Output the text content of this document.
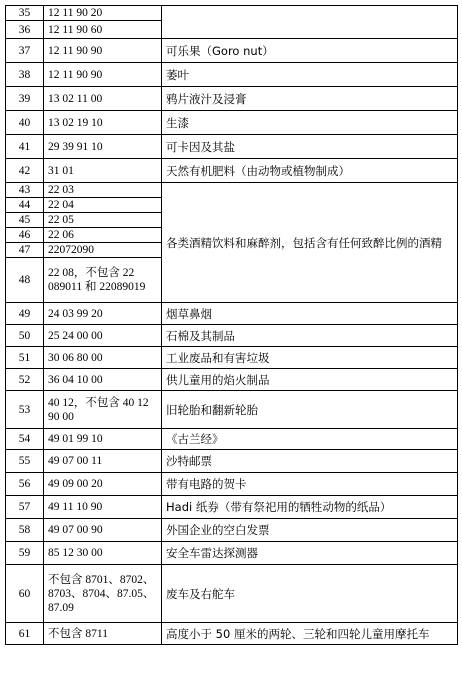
35	12 11 90 20	
36	12 11 90 60	
37	12 11 90 90	可乐果（Goro nut）
38	12 11 90 90	萎叶
39	13 02 11 00	鸦片液汁及浸膏
40	13 02 19 10	生漆
41	29 39 91 10	可卡因及其盐
42	31 01	天然有机肥料（由动物或植物制成）
43	22 03	各类酒精饮料和麻醉剂，包括含有任何致醉比例的酒精
44	22 04	
45	22 05	
46	22 06	
47	22072090	
48	22 08，不包含 22 089011 和 22089019	
49	24 03 99 20	烟草鼻烟
50	25 24 00 00	石棉及其制品
51	30 06 80 00	工业废品和有害垃圾
52	36 04 10 00	供儿童用的焰火制品
53	40 12，不包含 40 12 90 00	旧轮胎和翻新轮胎
54	49 01 99 10	《古兰经》
55	49 07 00 11	沙特邮票
56	49 09 00 20	带有电路的贺卡
57	49 11 10 90	Hadi 纸券（带有祭祀用的牺牲动物的纸品）
58	49 07 00 90	外国企业的空白发票
59	85 12 30 00	安全车雷达探测器
60	不包含 8701、8702、8703、8704、87.05、87.09	废车及右舵车
61	不包含 8711	高度小于 50 厘米的两轮、三轮和四轮儿童用摩托车
